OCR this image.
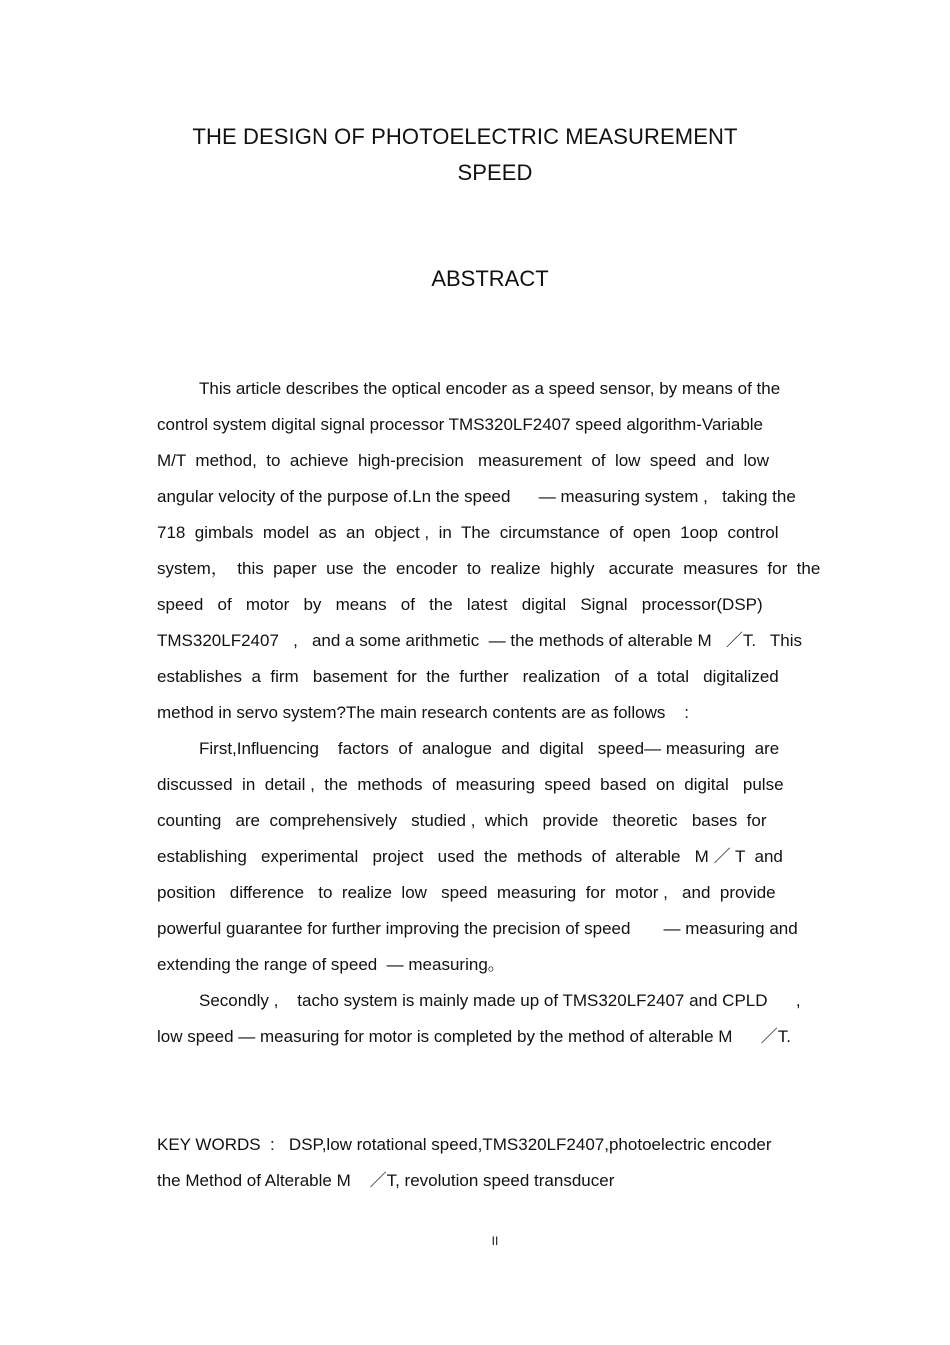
THE DESIGN OF PHOTOELECTRIC MEASUREMENT
SPEED
ABSTRACT
This article describes the optical encoder as a speed sensor, by means of the
control system digital signal processor TMS320LF2407 speed algorithm-Variable
M/T  method,  to  achieve  high-precision   measurement  of  low  speed  and  low
angular velocity of the purpose of.Ln the speed      — measuring system ,   taking the
718  gimbals  model  as  an  object ,  in  The  circumstance  of  open  1oop  control
system，  this  paper  use  the  encoder  to  realize  highly   accurate  measures  for  the
speed   of   motor   by   means   of   the   latest   digital   Signal   processor(DSP)
TMS320LF2407   ,   and a some arithmetic  — the methods of alterable M   ／T.   This
establishes  a  firm   basement  for  the  further   realization   of  a  total   digitalized
method in servo system?The main research contents are as follows    :
First,Influencing    factors  of  analogue  and  digital   speed— measuring  are
discussed  in  detail ,  the  methods  of  measuring  speed  based  on  digital   pulse
counting   are  comprehensively   studied ,  which   provide   theoretic   bases  for
establishing   experimental   project   used  the  methods  of  alterable   M ／ T  and
position   difference   to  realize  low   speed  measuring  for  motor ,   and  provide
powerful guarantee for further improving the precision of speed       — measuring and
extending the range of speed  — measuring。
Secondly ,    tacho system is mainly made up of TMS320LF2407 and CPLD      ,
low speed — measuring for motor is completed by the method of alterable M      ／T.
KEY WORDS  :   DSP,low rotational speed,TMS320LF2407,photoelectric encoder
the Method of Alterable M    ／T, revolution speed transducer
II
